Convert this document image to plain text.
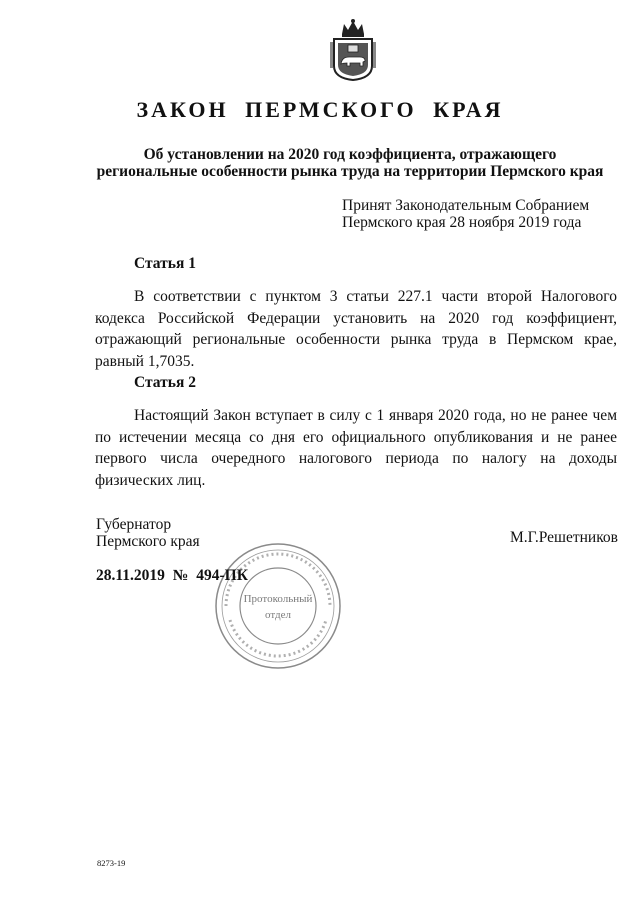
ЗАКОН ПЕРМСКОГО КРАЯ
Об установлении на 2020 год коэффициента, отражающего
региональные особенности рынка труда на территории Пермского края
Принят Законодательным Собранием
Пермского края 28 ноября 2019 года
Статья 1

В соответствии с пунктом 3 статьи 227.1 части второй Налогового кодекса Российской Федерации установить на 2020 год коэффициент, отражающий региональные особенности рынка труда в Пермском крае, равный 1,7035.

Статья 2

Настоящий Закон вступает в силу с 1 января 2020 года, но не ранее чем по истечении месяца со дня его официального опубликования и не ранее первого числа очередного налогового периода по налогу на доходы физических лиц.

Губернатор
Пермского края	М.Г.Решетников
Протокольный
отдел
28.11.2019 № 494-ПК
8273-19
